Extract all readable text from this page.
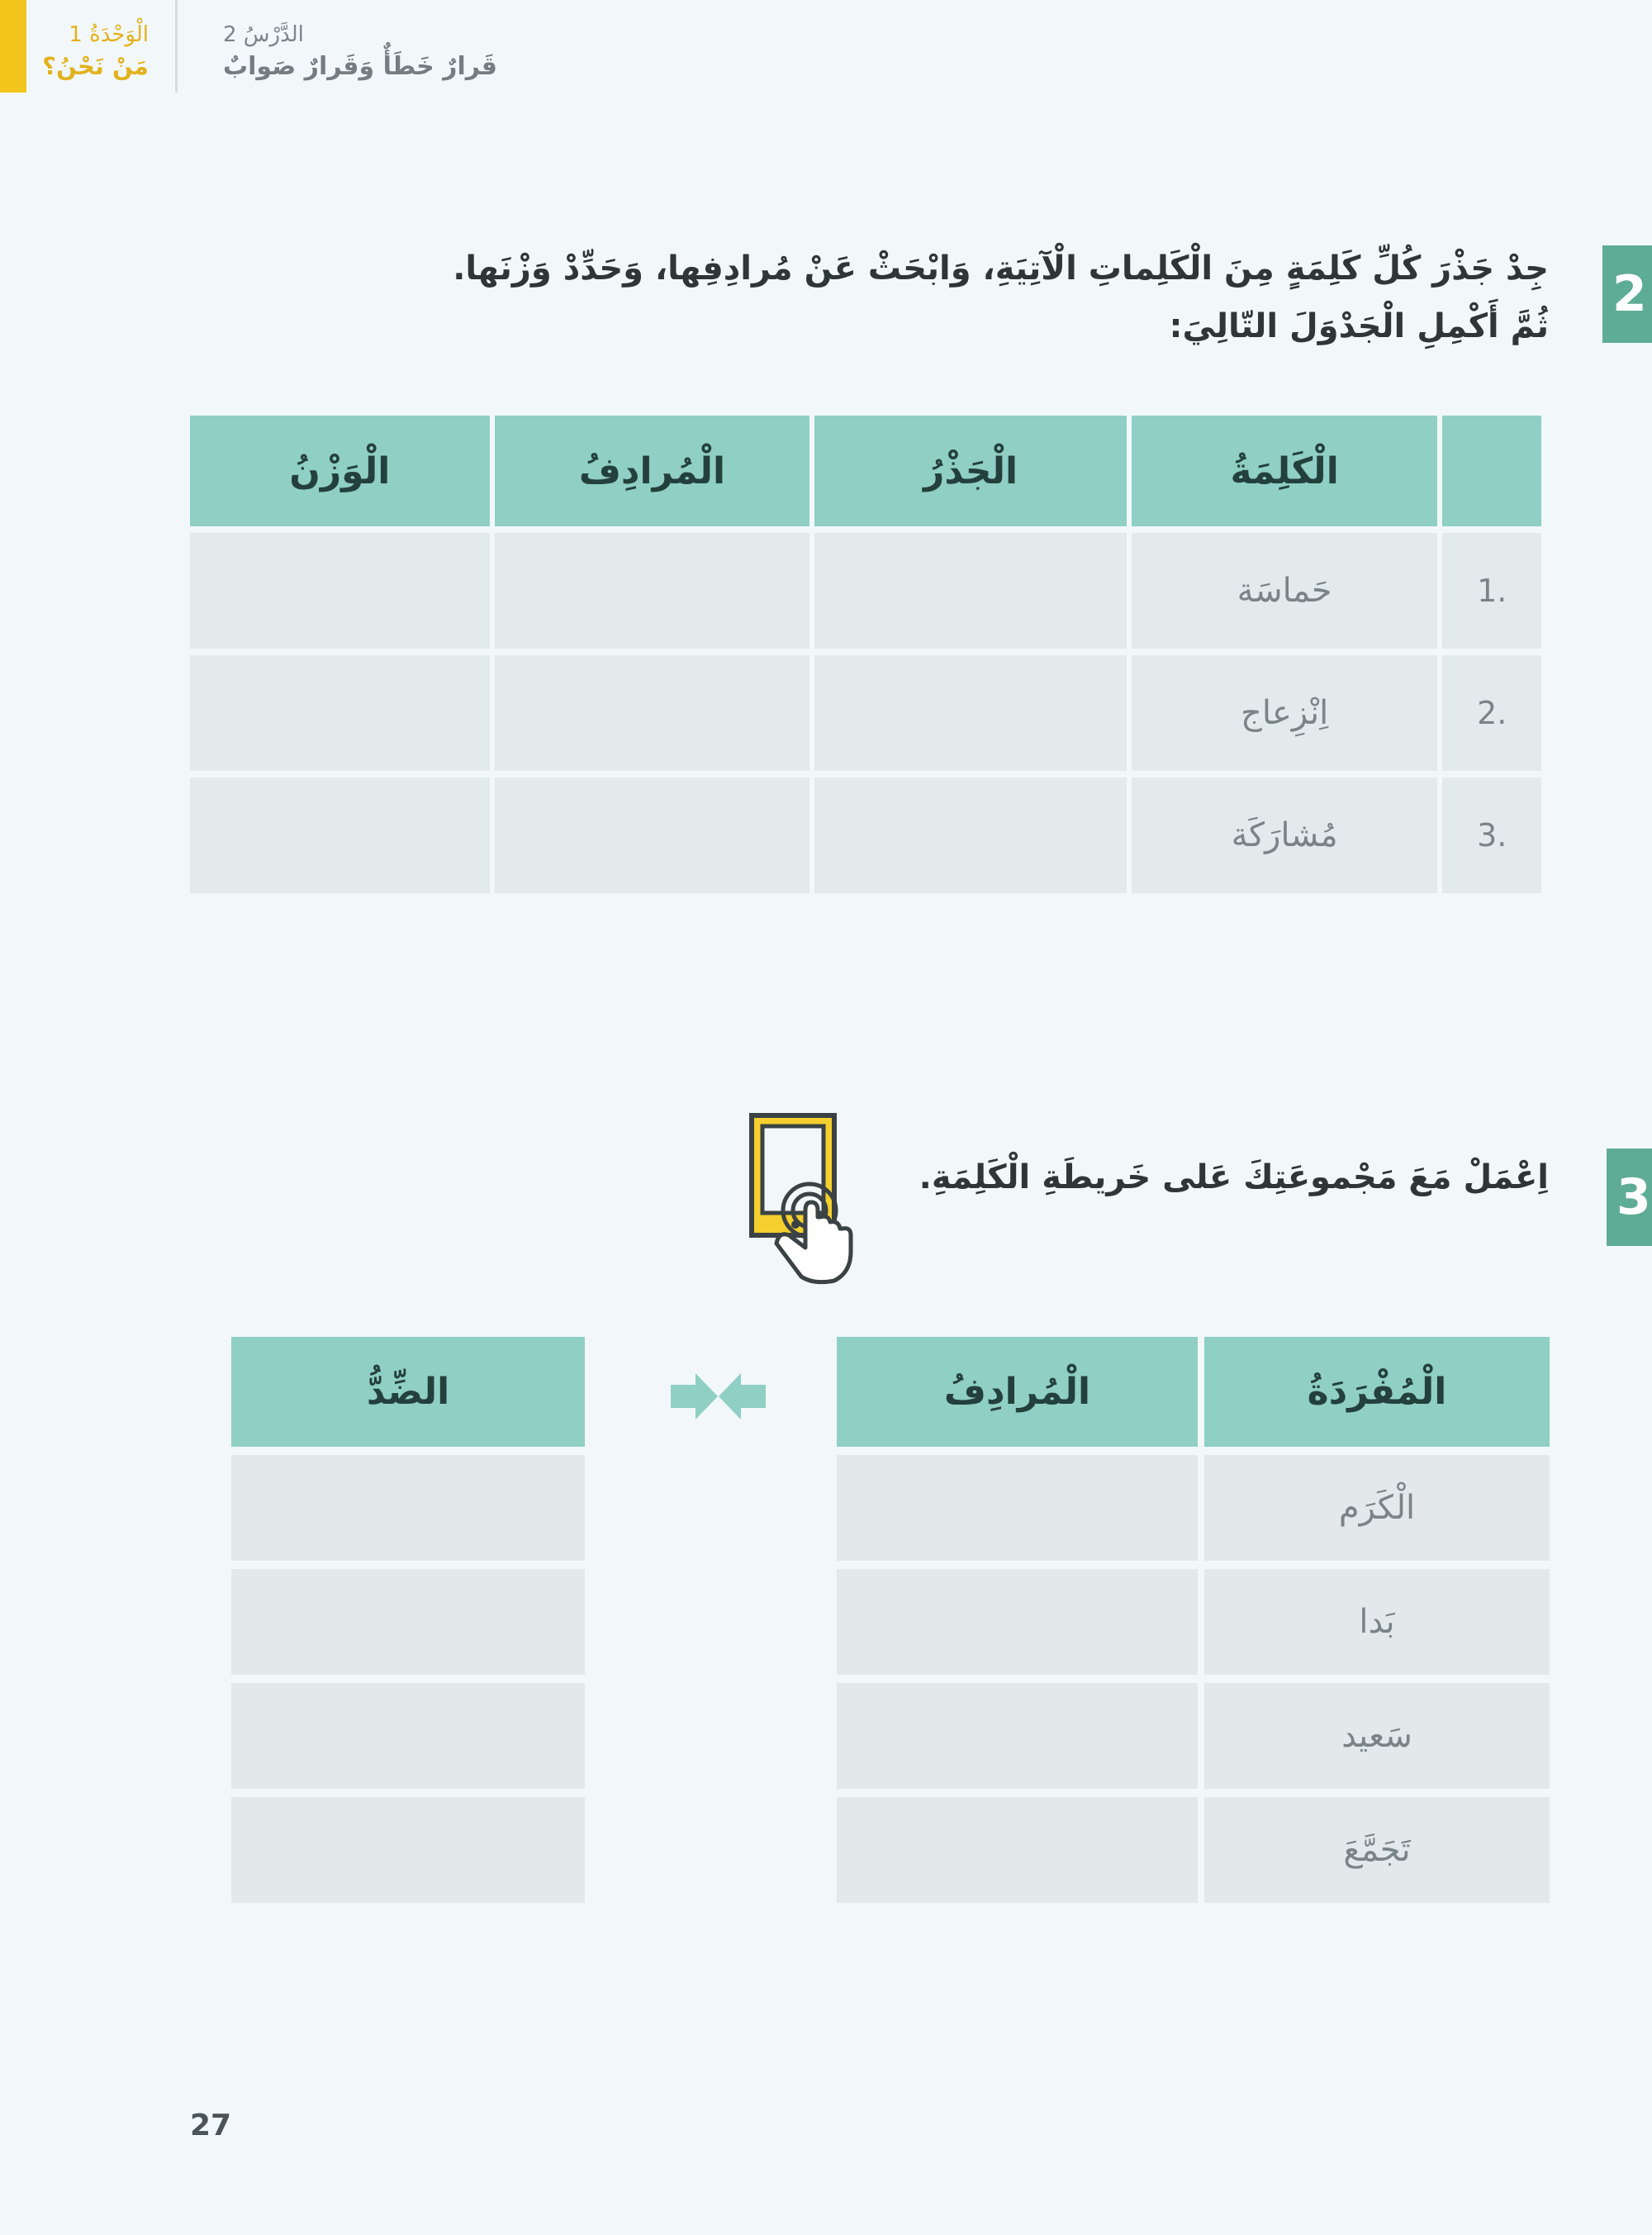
الْوَحْدَةُ 1
مَنْ نَحْنُ؟
الدَّرْسُ 2
قَرارٌ خَطَأٌ وَقَرارٌ صَوابٌ
2
جِدْ جَذْرَ كُلِّ كَلِمَةٍ مِنَ الْكَلِماتِ الْآتِيَةِ، وَابْحَثْ عَنْ مُرادِفِها، وَحَدِّدْ وَزْنَها.
ثُمَّ أَكْمِلِ الْجَدْوَلَ التّالِيَ:
الْكَلِمَةُ
الْجَذْرُ
الْمُرادِفُ
الْوَزْنُ
.1
حَماسَة
.2
اِنْزِعاج
.3
مُشارَكَة
3
اِعْمَلْ مَعَ مَجْموعَتِكَ عَلى خَريطَةِ الْكَلِمَةِ.
الْمُفْرَدَةُ
الْمُرادِفُ
الْكَرَم
بَدا
سَعيد
تَجَمَّعَ
الضِّدُّ
27
